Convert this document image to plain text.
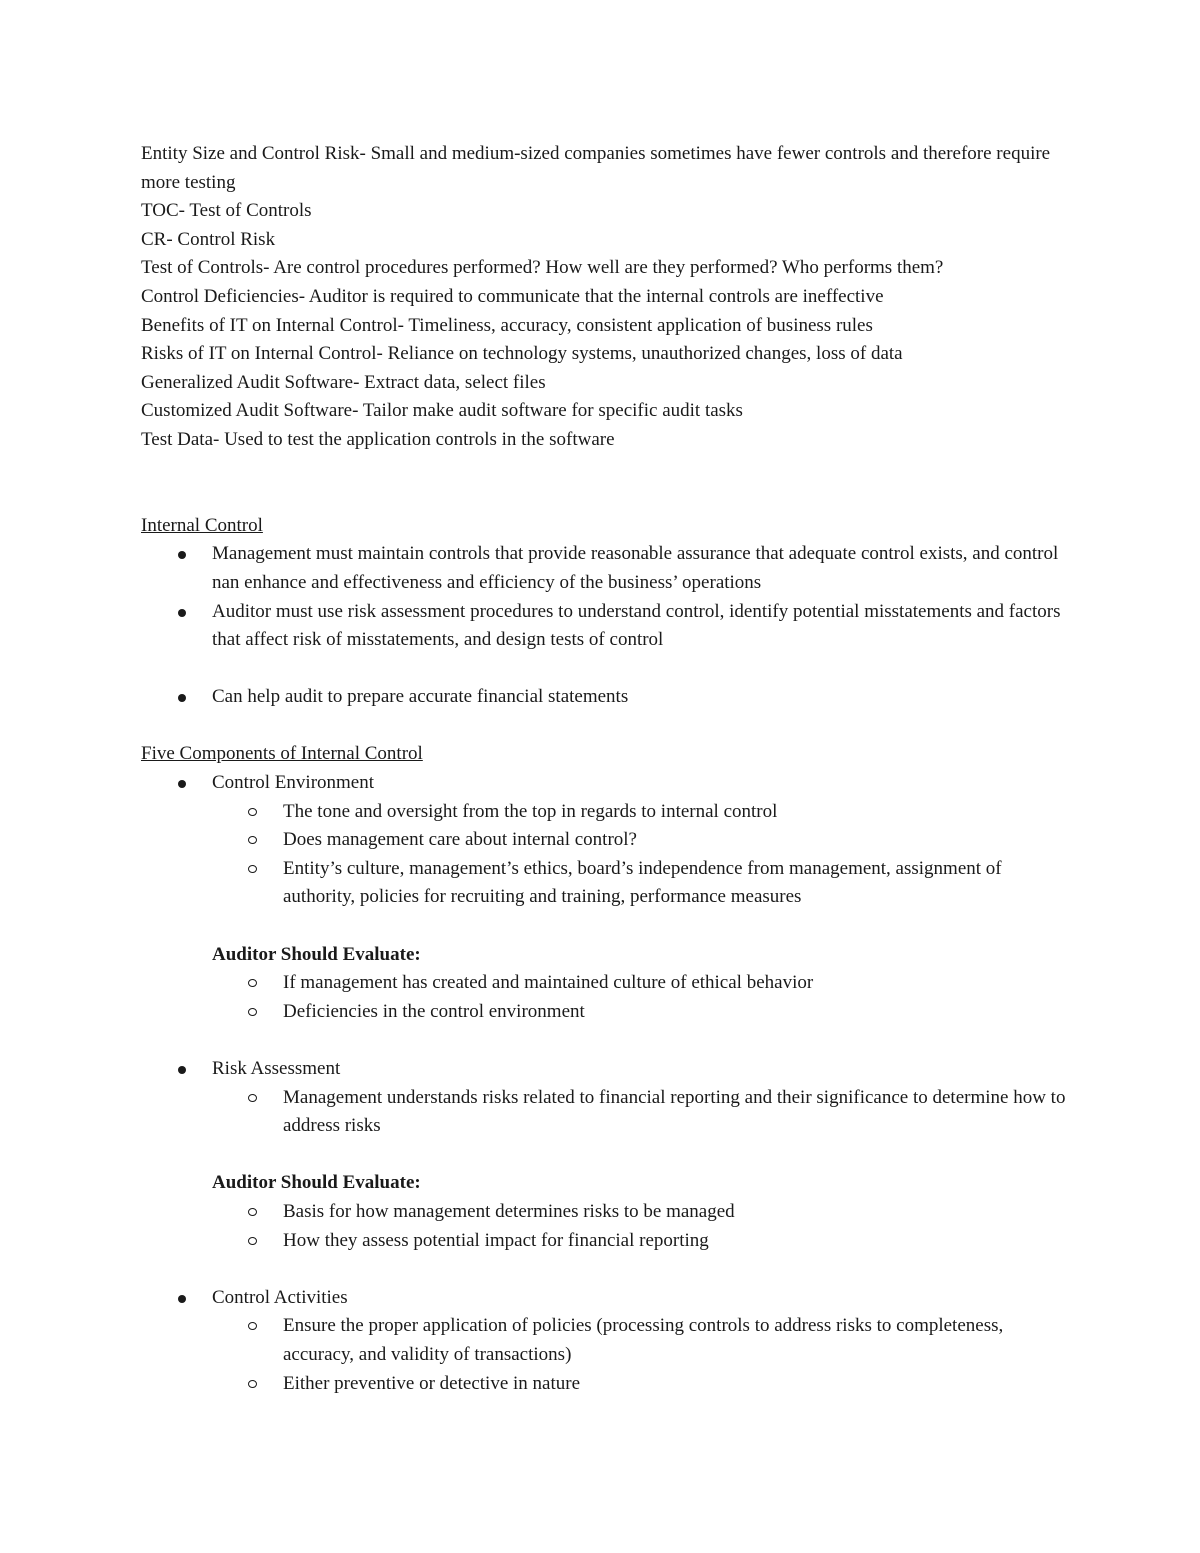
Entity Size and Control Risk- Small and medium-sized companies sometimes have fewer controls and therefore require more testing

TOC- Test of Controls

CR- Control Risk

Test of Controls- Are control procedures performed? How well are they performed? Who performs them?

Control Deficiencies- Auditor is required to communicate that the internal controls are ineffective

Benefits of IT on Internal Control- Timeliness, accuracy, consistent application of business rules

Risks of IT on Internal Control- Reliance on technology systems, unauthorized changes, loss of data

Generalized Audit Software- Extract data, select files

Customized Audit Software- Tailor make audit software for specific audit tasks

Test Data- Used to test the application controls in the software

Internal Control

Management must maintain controls that provide reasonable assurance that adequate control exists, and control nan enhance and effectiveness and efficiency of the business’ operations
Auditor must use risk assessment procedures to understand control, identify potential misstatements and factors that affect risk of misstatements, and design tests of control
Can help audit to prepare accurate financial statements

Five Components of Internal Control

Control Environment
The tone and oversight from the top in regards to internal control
Does management care about internal control?
Entity’s culture, management’s ethics, board’s independence from management, assignment of authority, policies for recruiting and training, performance measures

Auditor Should Evaluate:

If management has created and maintained culture of ethical behavior
Deficiencies in the control environment
Risk Assessment
Management understands risks related to financial reporting and their significance to determine how to address risks

Auditor Should Evaluate:

Basis for how management determines risks to be managed
How they assess potential impact for financial reporting
Control Activities
Ensure the proper application of policies (processing controls to address risks to completeness, accuracy, and validity of transactions)
Either preventive or detective in nature
